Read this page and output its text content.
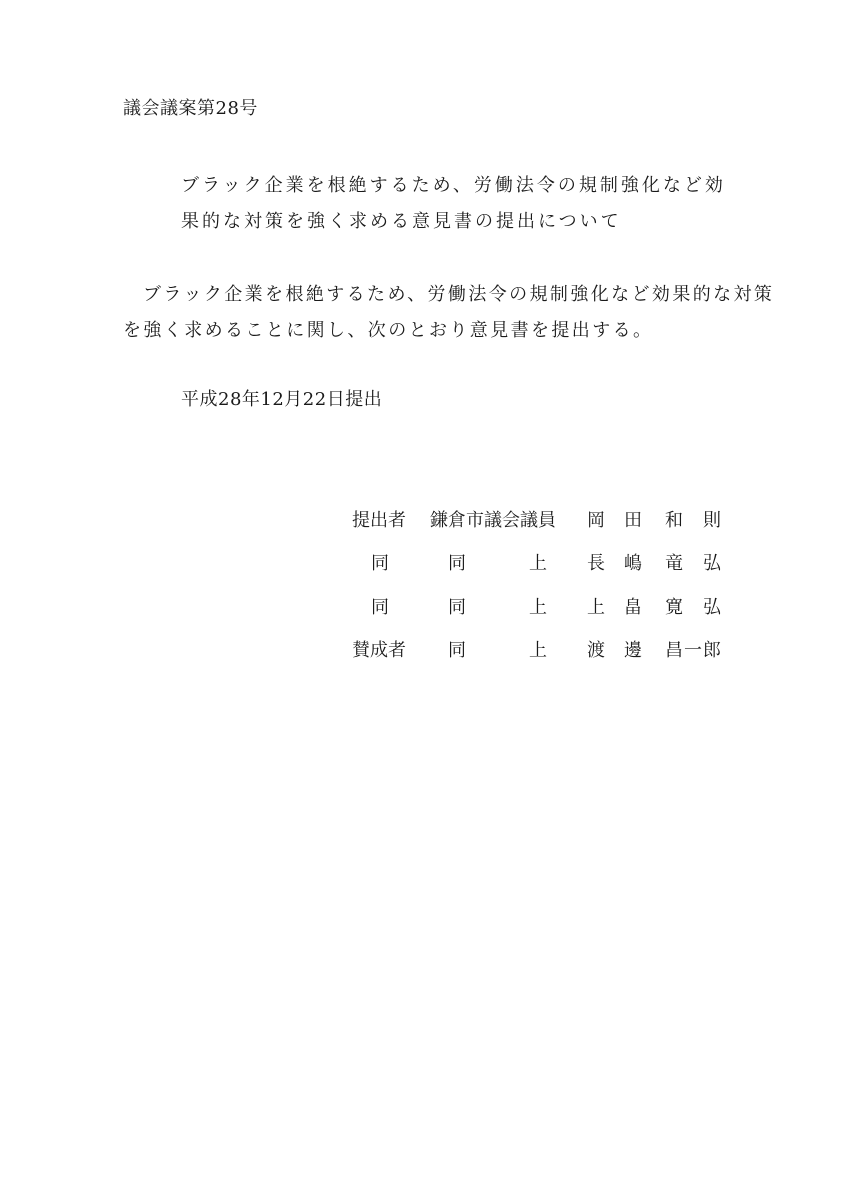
議会議案第28号
ブラック企業を根絶するため、労働法令の規制強化など効
果的な対策を強く求める意見書の提出について
ブラック企業を根絶するため、労働法令の規制強化など効果的な対策
を強く求めることに関し、次のとおり意見書を提出する。
平成28年12月22日提出
提出者 鎌倉市議会議員 岡 田 和 則
同	同	上 長 嶋 竜 弘
同	同	上 上 畠 寛 弘
賛成者 同	上 渡 邊 昌 一 郎
